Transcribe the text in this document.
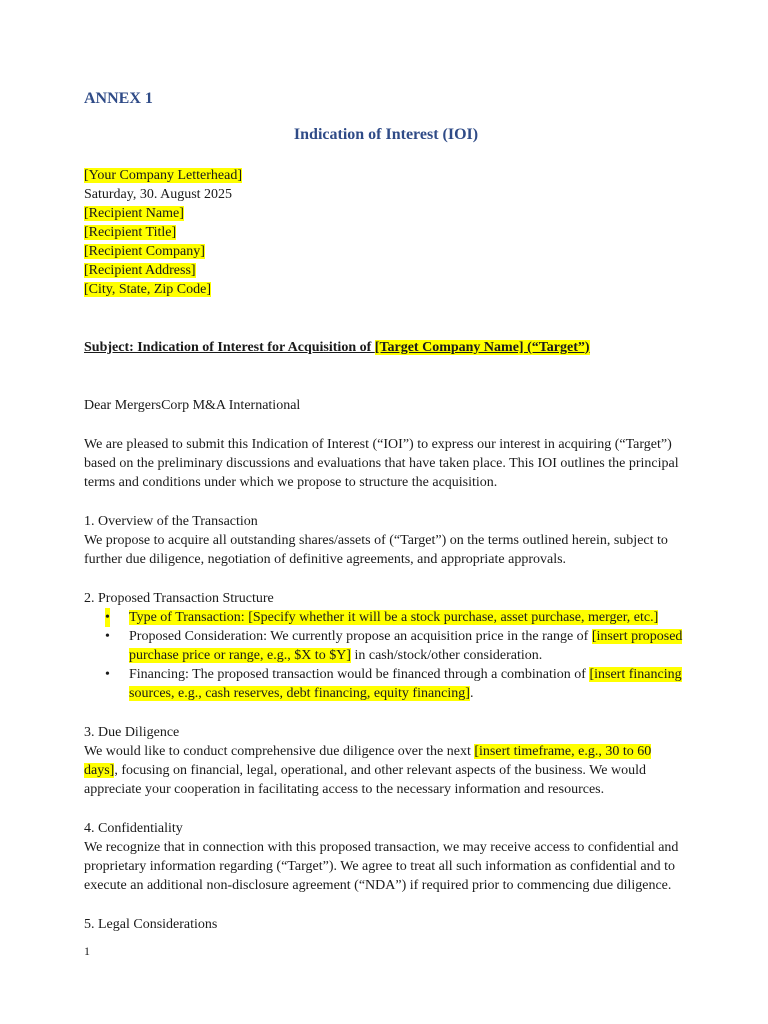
ANNEX 1

Indication of Interest (IOI)

[Your Company Letterhead]
Saturday, 30. August 2025
[Recipient Name]
[Recipient Title]
[Recipient Company]
[Recipient Address]
[City, State, Zip Code]

Subject: Indication of Interest for Acquisition of [Target Company Name] (“Target”)

Dear MergersCorp M&A International

We are pleased to submit this Indication of Interest (“IOI”) to express our interest in acquiring (“Target”) based on the preliminary discussions and evaluations that have taken place. This IOI outlines the principal terms and conditions under which we propose to structure the acquisition.

1. Overview of the Transaction
We propose to acquire all outstanding shares/assets of (“Target”) on the terms outlined herein, subject to further due diligence, negotiation of definitive agreements, and appropriate approvals.
2. Proposed Transaction Structure
• Type of Transaction: [Specify whether it will be a stock purchase, asset purchase, merger, etc.]
• Proposed Consideration: We currently propose an acquisition price in the range of [insert proposed purchase price or range, e.g., $X to $Y] in cash/stock/other consideration.
• Financing: The proposed transaction would be financed through a combination of [insert financing sources, e.g., cash reserves, debt financing, equity financing].
3. Due Diligence
We would like to conduct comprehensive due diligence over the next [insert timeframe, e.g., 30 to 60 days], focusing on financial, legal, operational, and other relevant aspects of the business. We would appreciate your cooperation in facilitating access to the necessary information and resources.
4. Confidentiality
We recognize that in connection with this proposed transaction, we may receive access to confidential and proprietary information regarding (“Target”). We agree to treat all such information as confidential and to execute an additional non-disclosure agreement (“NDA”) if required prior to commencing due diligence.
5. Legal Considerations
1
